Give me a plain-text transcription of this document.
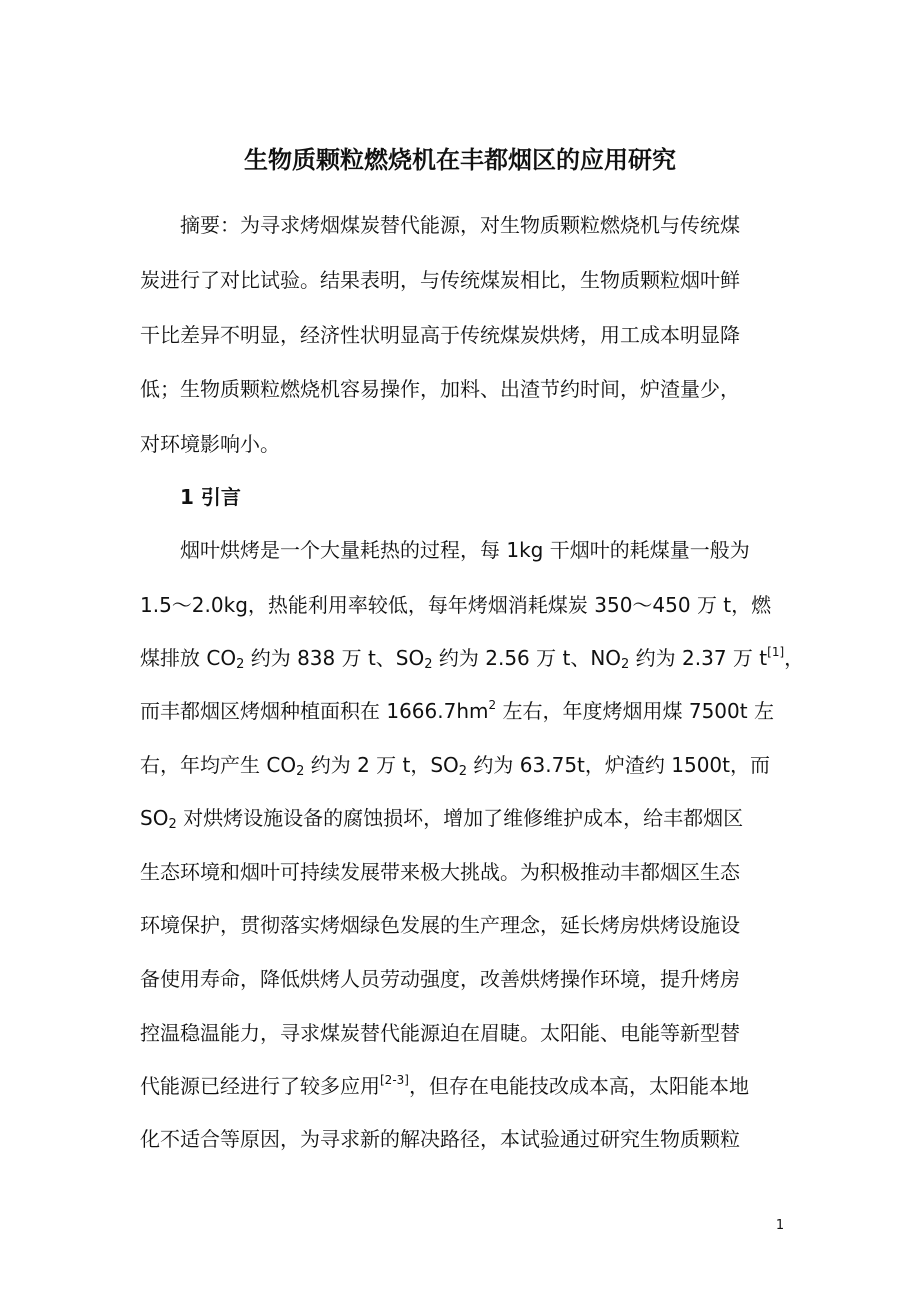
生物质颗粒燃烧机在丰都烟区的应用研究

摘要：为寻求烤烟煤炭替代能源，对生物质颗粒燃烧机与传统煤

炭进行了对比试验。结果表明，与传统煤炭相比，生物质颗粒烟叶鲜

干比差异不明显，经济性状明显高于传统煤炭烘烤，用工成本明显降

低；生物质颗粒燃烧机容易操作，加料、出渣节约时间，炉渣量少，

对环境影响小。

1 引言

烟叶烘烤是一个大量耗热的过程，每 1kg 干烟叶的耗煤量一般为

1.5～2.0kg，热能利用率较低，每年烤烟消耗煤炭 350～450 万 t，燃

煤排放 $CO_2$ 约为 838 万 t、$SO_2$ 约为 2.56 万 t、$NO_2$ 约为 2.37 万 t[1]，

而丰都烟区烤烟种植面积在 $1666.7hm^2$ 左右，年度烤烟用煤 7500t 左

右，年均产生 $CO_2$ 约为 2 万 t，$SO_2$ 约为 63.75t，炉渣约 1500t，而

$SO_2$ 对烘烤设施设备的腐蚀损坏，增加了维修维护成本，给丰都烟区

生态环境和烟叶可持续发展带来极大挑战。为积极推动丰都烟区生态

环境保护，贯彻落实烤烟绿色发展的生产理念，延长烤房烘烤设施设

备使用寿命，降低烘烤人员劳动强度，改善烘烤操作环境，提升烤房

控温稳温能力，寻求煤炭替代能源迫在眉睫。太阳能、电能等新型替

代能源已经进行了较多应用[2-3]，但存在电能技改成本高，太阳能本地

化不适合等原因，为寻求新的解决路径，本试验通过研究生物质颗粒

1
